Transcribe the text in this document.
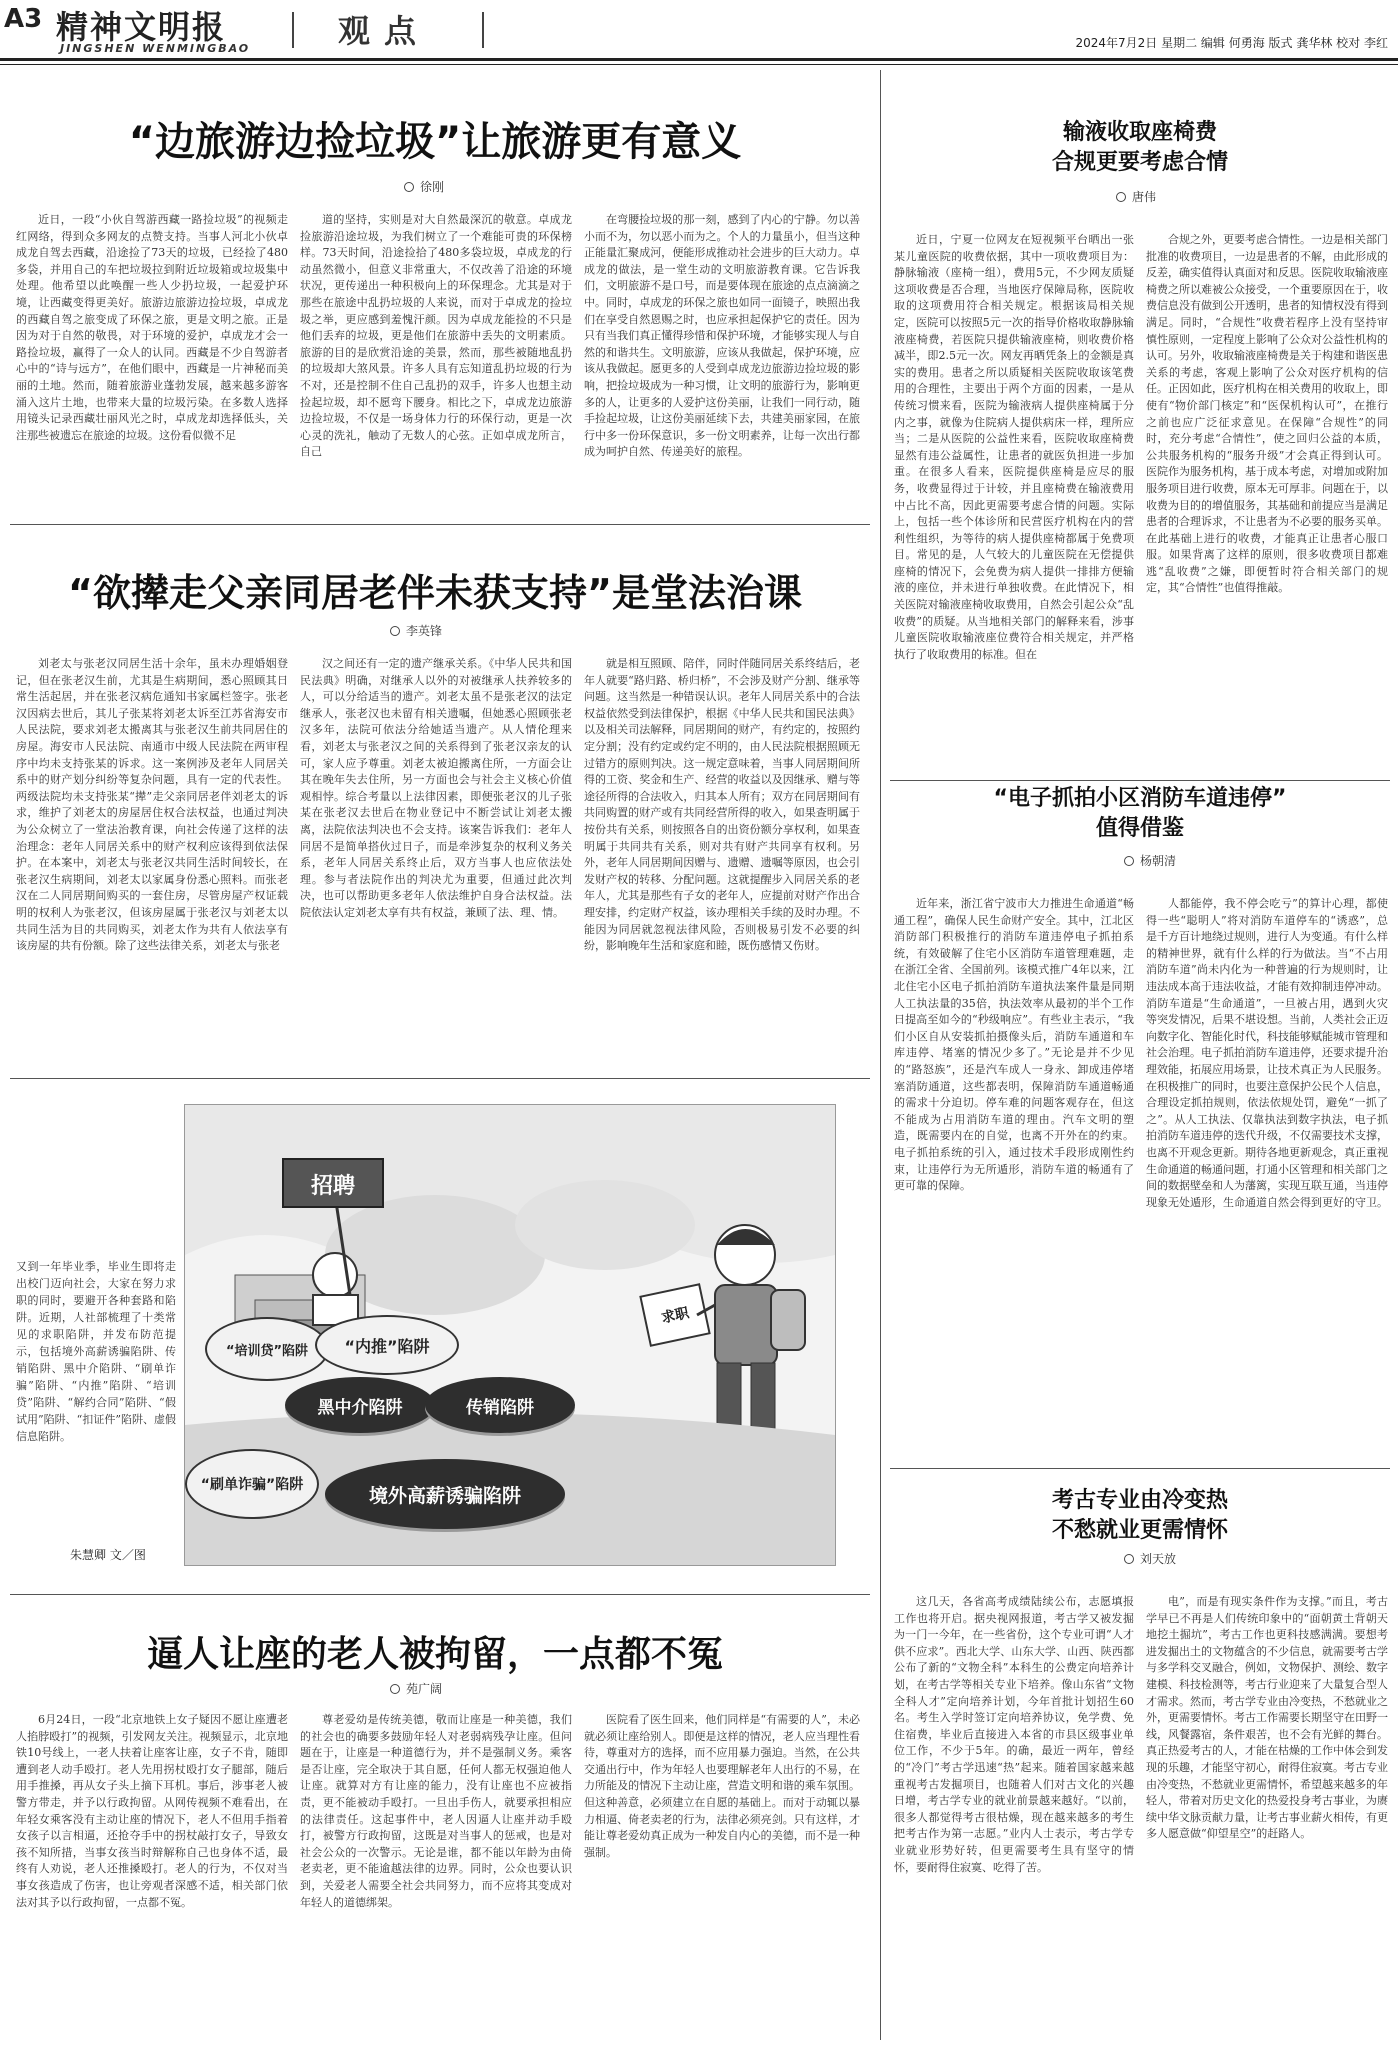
A3 精神文明报
JINGSHEN WENMINGBAO	观点	2024年7月2日 星期二 编辑 何勇海 版式 龚华林 校对 李红
“边旅游边捡垃圾”让旅游更有意义
徐刚

近日，一段“小伙自驾游西藏一路捡垃圾”的视频走红网络，得到众多网友的点赞支持。当事人河北小伙卓成龙自驾去西藏，沿途捡了73天的垃圾，已经捡了480多袋，并用自己的车把垃圾拉到附近垃圾箱或垃圾集中处理。他希望以此唤醒一些人少扔垃圾，一起爱护环境，让西藏变得更美好。旅游边旅游边捡垃圾，卓成龙的西藏自驾之旅变成了环保之旅，更是文明之旅。正是因为对于自然的敬畏，对于环境的爱护，卓成龙才会一路捡垃圾，赢得了一众人的认同。西藏是不少自驾游者心中的“诗与远方”，在他们眼中，西藏是一片神秘而美丽的土地。然而，随着旅游业蓬勃发展，越来越多游客涌入这片土地，也带来大量的垃圾污染。在多数人选择用镜头记录西藏壮丽风光之时，卓成龙却选择低头，关注那些被遗忘在旅途的垃圾。这份看似微不足

道的坚持，实则是对大自然最深沉的敬意。卓成龙捡旅游沿途垃圾，为我们树立了一个难能可贵的环保榜样。73天时间，沿途捡拾了480多袋垃圾，卓成龙的行动虽然微小，但意义非常重大，不仅改善了沿途的环境状况，更传递出一种积极向上的环保理念。尤其是对于那些在旅途中乱扔垃圾的人来说，而对于卓成龙的捡垃圾之举，更应感到羞愧汗颜。因为卓成龙能捡的不只是他们丢弃的垃圾，更是他们在旅游中丢失的文明素质。旅游的目的是欣赏沿途的美景，然而，那些被随地乱扔的垃圾却大煞风景。许多人具有忘知道乱扔垃圾的行为不对，还是控制不住自己乱扔的双手，许多人也想主动捡起垃圾，却不愿弯下腰身。相比之下，卓成龙边旅游边捡垃圾，不仅是一场身体力行的环保行动，更是一次心灵的洗礼，触动了无数人的心弦。正如卓成龙所言，自己

在弯腰捡垃圾的那一刻，感到了内心的宁静。勿以善小而不为，勿以恶小而为之。个人的力量虽小，但当这种正能量汇聚成河，便能形成推动社会进步的巨大动力。卓成龙的做法，是一堂生动的文明旅游教育课。它告诉我们，文明旅游不是口号，而是要体现在旅途的点点滴滴之中。同时，卓成龙的环保之旅也如同一面镜子，映照出我们在享受自然恩赐之时，也应承担起保护它的责任。因为只有当我们真正懂得珍惜和保护环境，才能够实现人与自然的和谐共生。文明旅游，应该从我做起，保护环境，应该从我做起。愿更多的人受到卓成龙边旅游边捡垃圾的影响，把捡垃圾成为一种习惯，让文明的旅游行为，影响更多的人，让更多的人爱护这份美丽，让我们一同行动，随手捡起垃圾，让这份美丽延续下去，共建美丽家园，在旅行中多一份环保意识，多一份文明素养，让每一次出行都成为呵护自然、传递美好的旅程。

“欲撵走父亲同居老伴未获支持”是堂法治课
李英锋

刘老太与张老汉同居生活十余年，虽未办理婚姻登记，但在张老汉生前，尤其是生病期间，悉心照顾其日常生活起居，并在张老汉病危通知书家属栏签字。张老汉因病去世后，其儿子张某将刘老太诉至江苏省海安市人民法院，要求刘老太搬离其与张老汉生前共同居住的房屋。海安市人民法院、南通市中级人民法院在两审程序中均未支持张某的诉求。这一案例涉及老年人同居关系中的财产划分纠纷等复杂问题，具有一定的代表性。两级法院均未支持张某“撵”走父亲同居老伴刘老太的诉求，维护了刘老太的房屋居住权合法权益，也通过判决为公众树立了一堂法治教育课，向社会传递了这样的法治理念：老年人同居关系中的财产权利应该得到依法保护。在本案中，刘老太与张老汉共同生活时间较长，在张老汉生病期间，刘老太以家属身份悉心照料。而张老汉在二人同居期间购买的一套住房，尽管房屋产权证载明的权利人为张老汉，但该房屋属于张老汉与刘老太以共同生活为目的共同购买，刘老太作为共有人依法享有该房屋的共有份额。除了这些法律关系，刘老太与张老

汉之间还有一定的遗产继承关系。《中华人民共和国民法典》明确，对继承人以外的对被继承人扶养较多的人，可以分给适当的遗产。刘老太虽不是张老汉的法定继承人，张老汉也未留有相关遗嘱，但她悉心照顾张老汉多年，法院可依法分给她适当遗产。从人情伦理来看，刘老太与张老汉之间的关系得到了张老汉亲友的认可，家人应予尊重。刘老太被迫搬离住所，一方面会让其在晚年失去住所，另一方面也会与社会主义核心价值观相悖。综合考量以上法律因素，即便张老汉的儿子张某在张老汉去世后在物业登记中不断尝试让刘老太搬离，法院依法判决也不会支持。该案告诉我们：老年人同居不是简单搭伙过日子，而是牵涉复杂的权利义务关系，老年人同居关系终止后，双方当事人也应依法处理。参与者法院作出的判决尤为重要，但通过此次判决，也可以帮助更多老年人依法维护自身合法权益。法院依法认定刘老太享有共有权益，兼顾了法、理、情。

就是相互照顾、陪伴，同时伴随同居关系终结后，老年人就要“路归路、桥归桥”，不会涉及财产分割、继承等问题。这当然是一种错误认识。老年人同居关系中的合法权益依然受到法律保护，根据《中华人民共和国民法典》以及相关司法解释，同居期间的财产，有约定的，按照约定分割；没有约定或约定不明的，由人民法院根据照顾无过错方的原则判决。这一规定意味着，当事人同居期间所得的工资、奖金和生产、经营的收益以及因继承、赠与等途径所得的合法收入，归其本人所有；双方在同居期间有共同购置的财产或有共同经营所得的收入，如果查明属于按份共有关系，则按照各自的出资份额分享权利，如果查明属于共同共有关系，则对共有财产共同享有权利。另外，老年人同居期间因赠与、遗赠、遗嘱等原因，也会引发财产权的转移、分配问题。这就提醒步入同居关系的老年人，尤其是那些有子女的老年人，应提前对财产作出合理安排，约定财产权益，该办理相关手续的及时办理。不能因为同居就忽视法律风险，否则极易引发不必要的纠纷，影响晚年生活和家庭和睦，既伤感情又伤财。

又到一年毕业季，毕业生即将走出校门迈向社会，大家在努力求职的同时，要避开各种套路和陷阱。近期，人社部梳理了十类常见的求职陷阱，并发布防范提示，包括境外高薪诱骗陷阱、传销陷阱、黑中介陷阱、“刷单诈骗”陷阱、“内推”陷阱、“培训贷”陷阱、“解约合同”陷阱、“假试用”陷阱、“扣证件”陷阱、虚假信息陷阱。
朱慧卿 文／图
招聘
求职
“培训贷”陷阱	“内推”陷阱
黑中介陷阱	传销陷阱
“刷单诈骗”陷阱	境外高薪诱骗陷阱
逼人让座的老人被拘留，一点都不冤
苑广阔

6月24日，一段“北京地铁上女子疑因不愿让座遭老人掐脖殴打”的视频，引发网友关注。视频显示，北京地铁10号线上，一老人扶着让座客让座，女子不肯，随即遭到老人动手殴打。老人先用拐杖殴打女子腿部，随后用手推搡，再从女子头上摘下耳机。事后，涉事老人被警方带走，并予以行政拘留。从网传视频不难看出，在年轻女乘客没有主动让座的情况下，老人不但用手指着女孩子以言相逼，还抢夺手中的拐杖敲打女子，导致女孩不知所措，当事女孩当时辩解称自己也身体不适，最终有人劝说，老人还推搡殴打。老人的行为，不仅对当事女孩造成了伤害，也让旁观者深感不适，相关部门依法对其予以行政拘留，一点都不冤。

尊老爱幼是传统美德，敬而让座是一种美德，我们的社会也的确要多鼓励年轻人对老弱病残孕让座。但问题在于，让座是一种道德行为，并不是强制义务。乘客是否让座，完全取决于其自愿，任何人都无权强迫他人让座。就算对方有让座的能力，没有让座也不应被指责，更不能被动手殴打。一旦出手伤人，就要承担相应的法律责任。这起事件中，老人因逼人让座并动手殴打，被警方行政拘留，这既是对当事人的惩戒，也是对社会公众的一次警示。无论是谁，都不能以年龄为由倚老卖老，更不能逾越法律的边界。同时，公众也要认识到，关爱老人需要全社会共同努力，而不应将其变成对年轻人的道德绑架。

医院看了医生回来，他们同样是“有需要的人”，未必就必须让座给别人。即便是这样的情况，老人应当理性看待，尊重对方的选择，而不应用暴力强迫。当然，在公共交通出行中，作为年轻人也要理解老年人出行的不易，在力所能及的情况下主动让座，营造文明和谐的乘车氛围。但这种善意，必须建立在自愿的基础上。而对于动辄以暴力相逼、倚老卖老的行为，法律必须亮剑。只有这样，才能让尊老爱幼真正成为一种发自内心的美德，而不是一种强制。

输液收取座椅费
合规更要考虑合情
唐伟

近日，宁夏一位网友在短视频平台晒出一张某儿童医院的收费依据，其中一项收费项目为：静脉输液（座椅一组），费用5元，不少网友质疑这项收费是否合理，当地医疗保障局称，医院收取的这项费用符合相关规定。根据该局相关规定，医院可以按照5元一次的指导价格收取静脉输液座椅费，若医院只提供输液座椅，则收费价格减半，即2.5元一次。网友再晒凭条上的金额是真实的费用。患者之所以质疑相关医院收取该笔费用的合理性，主要出于两个方面的因素，一是从传统习惯来看，医院为输液病人提供座椅属于分内之事，就像为住院病人提供病床一样，理所应当；二是从医院的公益性来看，医院收取座椅费显然有违公益属性，让患者的就医负担进一步加重。在很多人看来，医院提供座椅是应尽的服务，收费显得过于计较，并且座椅费在输液费用中占比不高，因此更需要考虑合情的问题。实际上，包括一些个体诊所和民营医疗机构在内的营利性组织，为等待的病人提供座椅都属于免费项目。常见的是，人气较大的儿童医院在无偿提供座椅的情况下，会免费为病人提供一排排方便输液的座位，并未进行单独收费。在此情况下，相关医院对输液座椅收取费用，自然会引起公众“乱收费”的质疑。从当地相关部门的解释来看，涉事儿童医院收取输液座位费符合相关规定，并严格执行了收取费用的标准。但在

合规之外，更要考虑合情性。一边是相关部门批准的收费项目，一边是患者的不解，由此形成的反差，确实值得认真面对和反思。医院收取输液座椅费之所以难被公众接受，一个重要原因在于，收费信息没有做到公开透明，患者的知情权没有得到满足。同时，“合规性”收费若程序上没有坚持审慎性原则，一定程度上影响了公众对公益性机构的认可。另外，收取输液座椅费是关于构建和谐医患关系的考虑，客观上影响了公众对医疗机构的信任。正因如此，医疗机构在相关费用的收取上，即使有“物价部门核定”和“医保机构认可”，在推行之前也应广泛征求意见。在保障“合规性”的同时，充分考虑“合情性”，使之回归公益的本质，公共服务机构的“服务升级”才会真正得到认可。医院作为服务机构，基于成本考虑，对增加或附加服务项目进行收费，原本无可厚非。问题在于，以收费为目的的增值服务，其基础和前提应当是满足患者的合理诉求，不让患者为不必要的服务买单。在此基础上进行的收费，才能真正让患者心服口服。如果背离了这样的原则，很多收费项目都难逃“乱收费”之嫌，即便暂时符合相关部门的规定，其“合情性”也值得推敲。

“电子抓拍小区消防车道违停”
值得借鉴
杨朝清

近年来，浙江省宁波市大力推进生命通道“畅通工程”，确保人民生命财产安全。其中，江北区消防部门积极推行的消防车道违停电子抓拍系统，有效破解了住宅小区消防车道管理难题，走在浙江全省、全国前列。该模式推广4年以来，江北住宅小区电子抓拍消防车道执法案件量是同期人工执法量的35倍，执法效率从最初的半个工作日提高至如今的“秒级响应”。有些业主表示，“我们小区自从安装抓拍摄像头后，消防车通道和车库违停、堵塞的情况少多了。”无论是并不少见的“路怒族”，还是汽车成人一身永、卸成违停堵塞消防通道，这些都表明，保障消防车通道畅通的需求十分迫切。停车难的问题客观存在，但这不能成为占用消防车道的理由。汽车文明的塑造，既需要内在的自觉，也离不开外在的约束。电子抓拍系统的引入，通过技术手段形成刚性约束，让违停行为无所遁形，消防车道的畅通有了更可靠的保障。

人都能停，我不停会吃亏”的算计心理，都使得一些“聪明人”将对消防车道停车的“诱惑”，总是千方百计地绕过规则，进行人为变通。有什么样的精神世界，就有什么样的行为做法。当“不占用消防车道”尚未内化为一种普遍的行为规则时，让违法成本高于违法收益，才能有效抑制违停冲动。消防车道是“生命通道”，一旦被占用，遇到火灾等突发情况，后果不堪设想。当前，人类社会正迈向数字化、智能化时代，科技能够赋能城市管理和社会治理。电子抓拍消防车道违停，还要求提升治理效能，拓展应用场景，让技术真正为人民服务。在积极推广的同时，也要注意保护公民个人信息，合理设定抓拍规则，依法依规处罚，避免“一抓了之”。从人工执法、仅靠执法到数字执法，电子抓拍消防车道违停的迭代升级，不仅需要技术支撑，也离不开观念更新。期待各地更新观念，真正重视生命通道的畅通问题，打通小区管理和相关部门之间的数据壁垒和人为藩篱，实现互联互通，当违停现象无处遁形，生命通道自然会得到更好的守卫。

考古专业由冷变热
不愁就业更需情怀
刘天放

这几天，各省高考成绩陆续公布，志愿填报工作也将开启。据央视网报道，考古学又被发掘为一门一今年，在一些省份，这个专业可谓“人才供不应求”。西北大学、山东大学、山西、陕西都公布了新的“文物全科”本科生的公费定向培养计划，在考古学等相关专业下培养。像山东省“文物全科人才”定向培养计划，今年首批计划招生60名。考生入学时签订定向培养协议，免学费、免住宿费，毕业后直接进入本省的市县区级事业单位工作，不少于5年。的确，最近一两年，曾经的“冷门”考古学迅速“热”起来。随着国家越来越重视考古发掘项目，也随着人们对古文化的兴趣日增，考古学专业的就业前景越来越好。“以前，很多人都觉得考古很枯燥，现在越来越多的考生把考古作为第一志愿。”业内人士表示，考古学专业就业形势好转，但更需要考生具有坚守的情怀，要耐得住寂寞、吃得了苦。

电”，而是有现实条件作为支撑。”而且，考古学早已不再是人们传统印象中的“面朝黄土背朝天地挖土掘坑”，考古工作也更科技感满满。要想考进发掘出土的文物蕴含的不少信息，就需要考古学与多学科交叉融合，例如，文物保护、测绘、数字建模、科技检测等，考古行业迎来了大量复合型人才需求。然而，考古学专业由冷变热，不愁就业之外，更需要情怀。考古工作需要长期坚守在田野一线，风餐露宿，条件艰苦，也不会有光鲜的舞台。真正热爱考古的人，才能在枯燥的工作中体会到发现的乐趣，才能坚守初心，耐得住寂寞。考古专业由冷变热，不愁就业更需情怀，希望越来越多的年轻人，带着对历史文化的热爱投身考古事业，为赓续中华文脉贡献力量，让考古事业薪火相传，有更多人愿意做“仰望星空”的赶路人。
